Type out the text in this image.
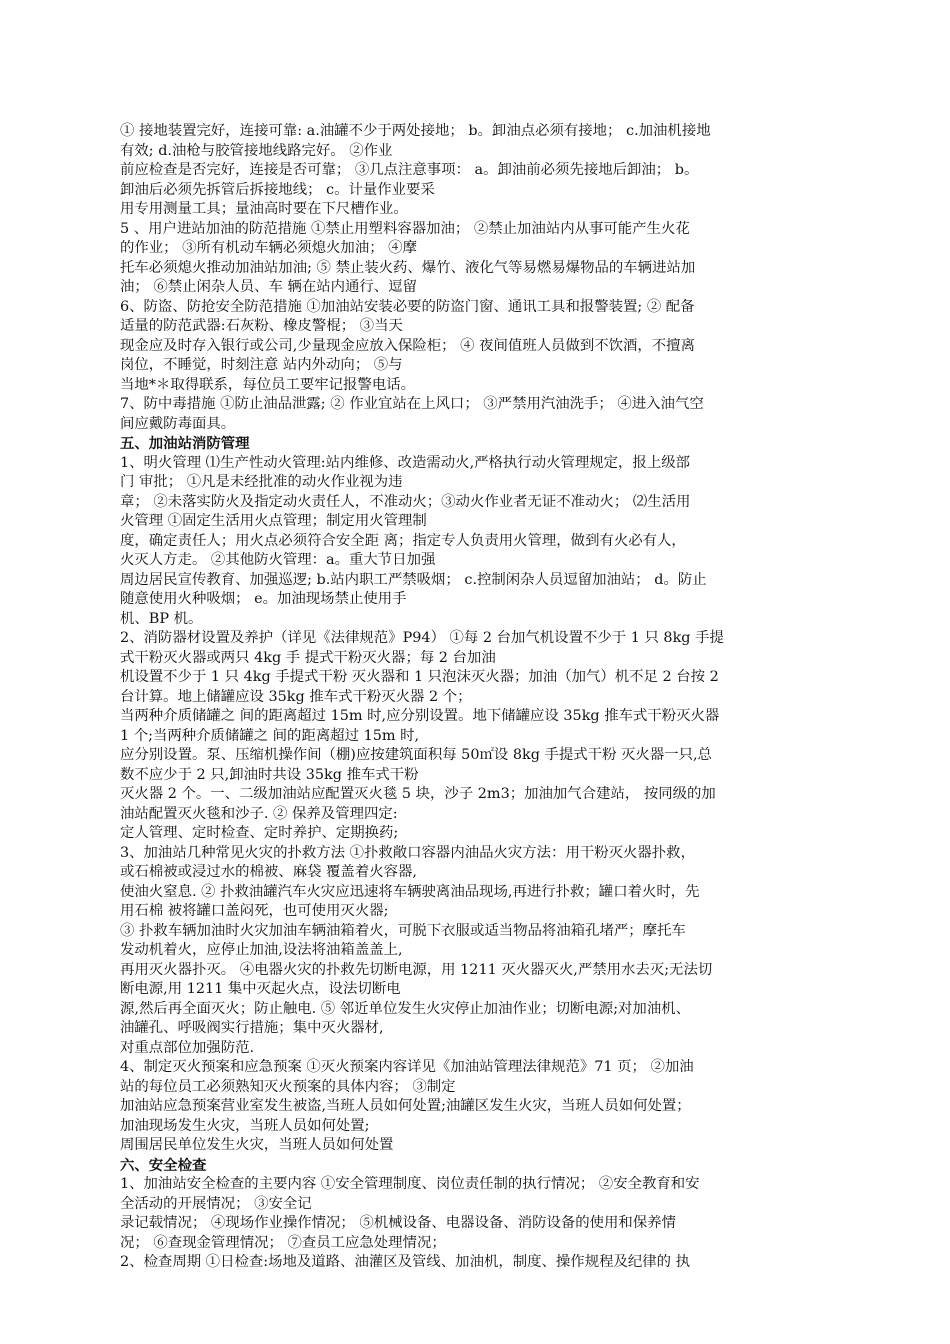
① 接地装置完好，连接可靠: a.油罐不少于两处接地； b。卸油点必须有接地； c.加油机接地
有效; d.油枪与胶管接地线路完好。 ②作业
前应检查是否完好，连接是否可靠； ③几点注意事项： a。卸油前必须先接地后卸油； b。
卸油后必须先拆管后拆接地线； c。计量作业要采
用专用测量工具；量油高时要在下尺槽作业。
5 、用户进站加油的防范措施 ①禁止用塑料容器加油； ②禁止加油站内从事可能产生火花
的作业； ③所有机动车辆必须熄火加油； ④摩
托车必须熄火推动加油站加油; ⑤ 禁止装火药、爆竹、液化气等易燃易爆物品的车辆进站加
油； ⑥禁止闲杂人员、车 辆在站内通行、逗留
6、防盗、防抢安全防范措施 ①加油站安装必要的防盗门窗、通讯工具和报警装置; ② 配备
适量的防范武器:石灰粉、橡皮警棍； ③当天
现金应及时存入银行或公司,少量现金应放入保险柜； ④ 夜间值班人员做到不饮酒，不擅离
岗位，不睡觉，时刻注意 站内外动向； ⑤与
当地*＊取得联系，每位员工要牢记报警电话。
7、防中毒措施 ①防止油品泄露; ② 作业宜站在上风口； ③严禁用汽油洗手； ④进入油气空
间应戴防毒面具。
五、加油站消防管理
1、明火管理 ⑴生产性动火管理:站内维修、改造需动火,严格执行动火管理规定，报上级部
门 审批； ①凡是未经批准的动火作业视为违
章； ②未落实防火及指定动火责任人，不准动火；③动火作业者无证不准动火； ⑵生活用
火管理 ①固定生活用火点管理；制定用火管理制
度，确定责任人；用火点必须符合安全距 离；指定专人负责用火管理，做到有火必有人，
火灭人方走。 ②其他防火管理：a。重大节日加强
周边居民宣传教育、加强巡逻; b.站内职工严禁吸烟； c.控制闲杂人员逗留加油站； d。防止
随意使用火种吸烟； e。加油现场禁止使用手
机、BP 机。
2、消防器材设置及养护（详见《法律规范》P94） ①每 2 台加气机设置不少于 1 只 8kg 手提
式干粉灭火器或两只 4kg 手 提式干粉灭火器；每 2 台加油
机设置不少于 1 只 4kg 手提式干粉 灭火器和 1 只泡沫灭火器；加油（加气）机不足 2 台按 2
台计算。地上储罐应设 35kg 推车式干粉灭火器 2 个；
当两种介质储罐之 间的距离超过 15m 时,应分别设置。地下储罐应设 35kg 推车式干粉灭火器
1 个;当两种介质储罐之 间的距离超过 15m 时,
应分别设置。泵、压缩机操作间（棚)应按建筑面积每 50㎡设 8kg 手提式干粉 灭火器一只,总
数不应少于 2 只,卸油时共设 35kg 推车式干粉
灭火器 2 个。一、二级加油站应配置灭火毯 5 块，沙子 2m3；加油加气合建站， 按同级的加
油站配置灭火毯和沙子. ② 保养及管理四定:
定人管理、定时检查、定时养护、定期换药;
3、加油站几种常见火灾的扑救方法 ①扑救敞口容器内油品火灾方法：用干粉灭火器扑救，
或石棉被或浸过水的棉被、麻袋 覆盖着火容器,
使油火窒息. ② 扑救油罐汽车火灾应迅速将车辆驶离油品现场,再进行扑救；罐口着火时，先
用石棉 被将罐口盖闷死，也可使用灭火器;
③ 扑救车辆加油时火灾加油车辆油箱着火，可脱下衣服或适当物品将油箱孔堵严；摩托车
发动机着火，应停止加油,设法将油箱盖盖上,
再用灭火器扑灭。 ④电器火灾的扑救先切断电源，用 1211 灭火器灭火,严禁用水去灭;无法切
断电源,用 1211 集中灭起火点，设法切断电
源,然后再全面灭火；防止触电. ⑤ 邻近单位发生火灾停止加油作业；切断电源;对加油机、
油罐孔、呼吸阀实行措施；集中灭火器材,
对重点部位加强防范.
4、制定灭火预案和应急预案 ①灭火预案内容详见《加油站管理法律规范》71 页； ②加油
站的每位员工必须熟知灭火预案的具体内容； ③制定
加油站应急预案营业室发生被盗,当班人员如何处置;油罐区发生火灾，当班人员如何处置；
加油现场发生火灾，当班人员如何处置;
周围居民单位发生火灾，当班人员如何处置
六、安全检查
1、加油站安全检查的主要内容 ①安全管理制度、岗位责任制的执行情况； ②安全教育和安
全活动的开展情况； ③安全记
录记载情况； ④现场作业操作情况； ⑤机械设备、电器设备、消防设备的使用和保养情
况； ⑥查现金管理情况； ⑦查员工应急处理情况；
2、检查周期 ①日检查:场地及道路、油灌区及管线、加油机，制度、操作规程及纪律的 执
